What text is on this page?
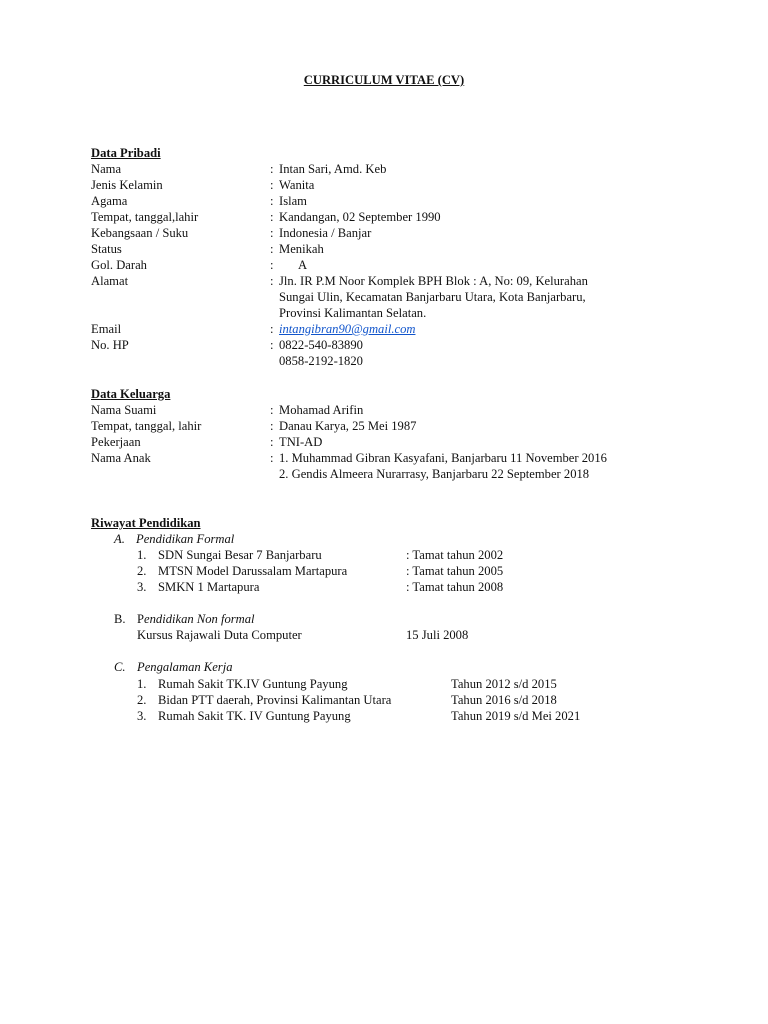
CURRICULUM VITAE (CV)
Data Pribadi
Nama	: Intan Sari, Amd. Keb
Jenis Kelamin	: Wanita
Agama	: Islam
Tempat, tanggal,lahir	: Kandangan, 02 September 1990
Kebangsaan / Suku	: Indonesia / Banjar
Status	: Menikah
Gol. Darah	: A
Alamat	: Jln. IR P.M Noor Komplek BPH Blok : A, No: 09, Kelurahan
Sungai Ulin, Kecamatan Banjarbaru Utara, Kota Banjarbaru,
Provinsi Kalimantan Selatan.
Email	: intangibran90@gmail.com
No. HP	: 0822-540-83890
0858-2192-1820
Data Keluarga
Nama Suami	: Mohamad Arifin
Tempat, tanggal, lahir	: Danau Karya, 25 Mei 1987
Pekerjaan	: TNI-AD
Nama Anak	: 1. Muhammad Gibran Kasyafani, Banjarbaru 11 November 2016
2. Gendis Almeera Nurarrasy, Banjarbaru 22 September 2018
Riwayat Pendidikan
A. Pendidikan Formal
1. SDN Sungai Besar 7 Banjarbaru	: Tamat tahun 2002
2. MTSN Model Darussalam Martapura	: Tamat tahun 2005
3. SMKN 1 Martapura	: Tamat tahun 2008
B. Pendidikan Non formal
Kursus Rajawali Duta Computer	15 Juli 2008
C. Pengalaman Kerja
1. Rumah Sakit TK.IV Guntung Payung	Tahun 2012 s/d 2015
2. Bidan PTT daerah, Provinsi Kalimantan Utara	Tahun 2016 s/d 2018
3. Rumah Sakit TK. IV Guntung Payung	Tahun 2019 s/d Mei 2021
